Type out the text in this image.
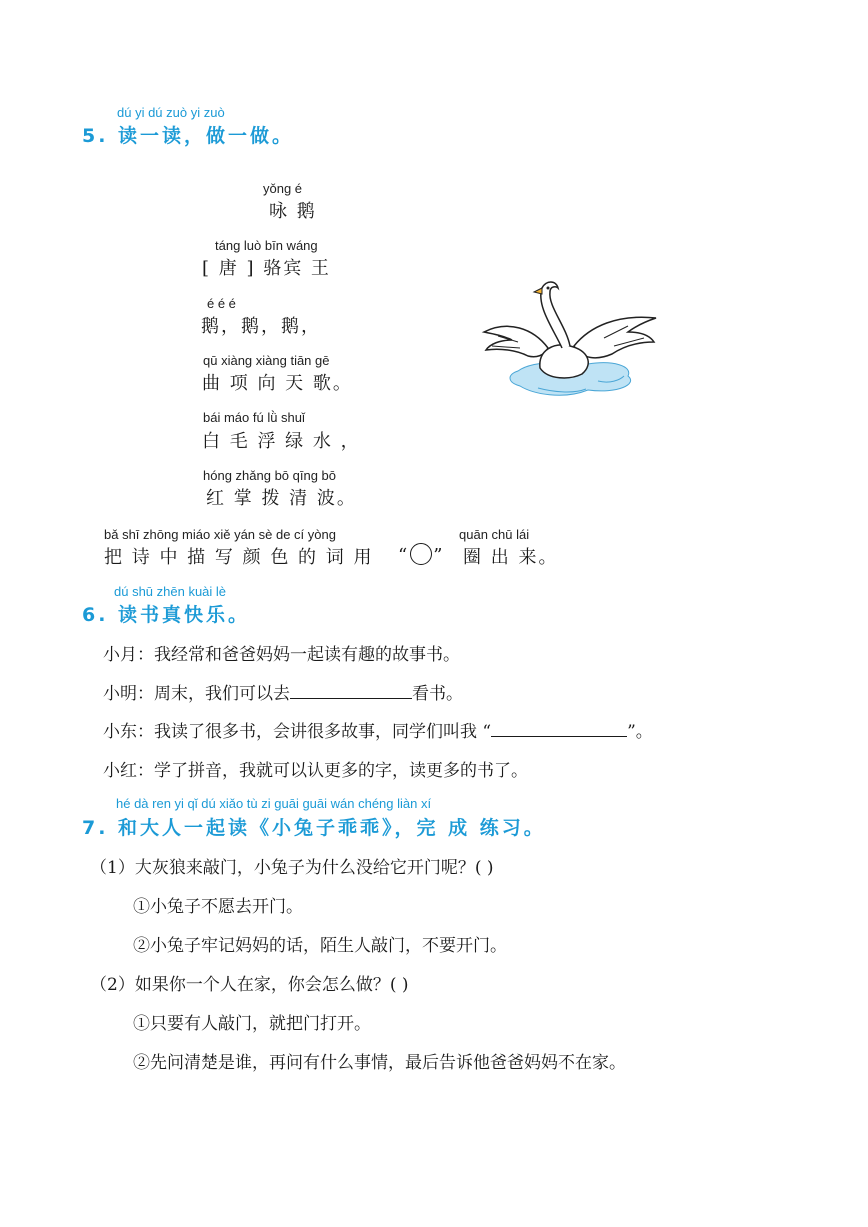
dú yi dú zuò yi zuò
5. 读一读，做一做。
yǒng é
咏 鹅
táng luò bīn wáng
[ 唐 ] 骆宾 王
é é é
鹅，鹅，鹅，
qū xiàng xiàng tiān gē
曲 项 向 天 歌。
bái máo fú lǜ shuǐ
白 毛 浮 绿 水 ，
hóng zhǎng bō qīng bō
红 掌 拨 清 波。
bǎ shī zhōng miáo xiě yán sè de cí yòng
把 诗 中 描 写 颜 色 的 词 用 “ ”
quān chū lái
圈 出 来。
dú shū zhēn kuài lè
6. 读书真快乐。
小月：我经常和爸爸妈妈一起读有趣的故事书。
小明：周末，我们可以去	看书。
小东：我读了很多书，会讲很多故事，同学们叫我 “	”。
小红：学了拼音，我就可以认更多的字，读更多的书了。
hé dà ren yi qǐ dú xiǎo tù zi guāi guāi wán chéng liàn xí
7. 和大人一起读《小兔子乖乖》，完 成 练习。
（1）大灰狼来敲门，小兔子为什么没给它开门呢？( )
①小兔子不愿去开门。
②小兔子牢记妈妈的话，陌生人敲门，不要开门。
（2）如果你一个人在家，你会怎么做？( )
①只要有人敲门，就把门打开。
②先问清楚是谁，再问有什么事情，最后告诉他爸爸妈妈不在家。
